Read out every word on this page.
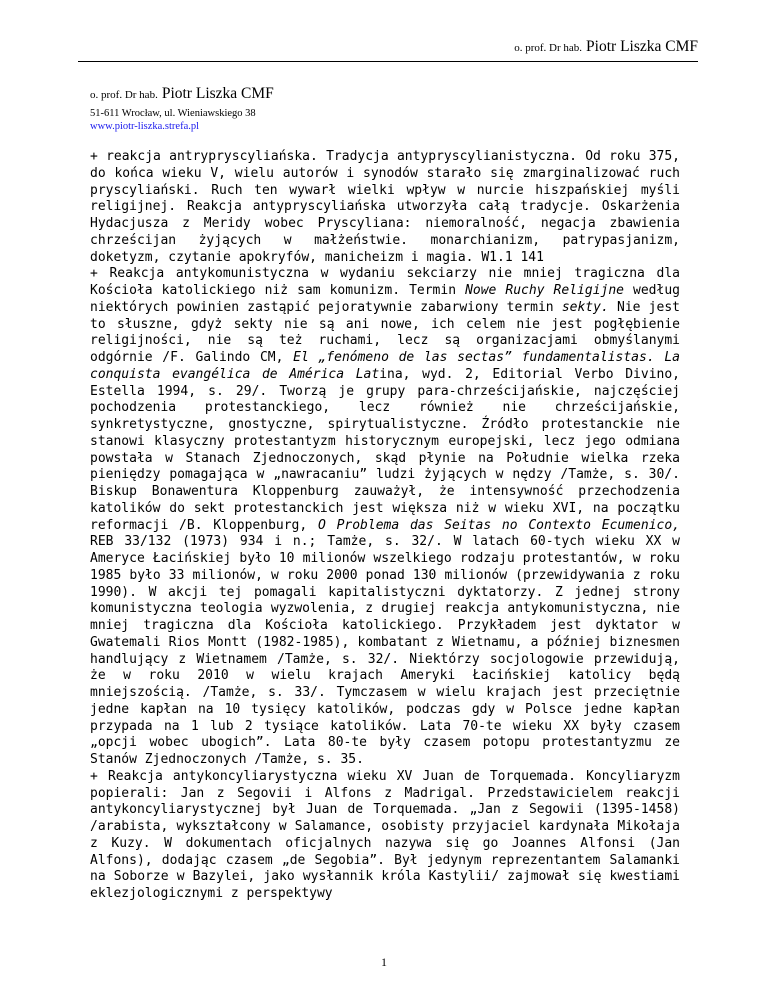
o. prof. Dr hab. Piotr Liszka CMF
o. prof. Dr hab. Piotr Liszka CMF
51-611 Wrocław, ul. Wieniawskiego 38
www.piotr-liszka.strefa.pl

+ reakcja antrypryscyliańska. Tradycja antypryscylianistyczna. Od roku 375, do końca wieku V, wielu autorów i synodów starało się zmarginalizować ruch pryscyliański. Ruch ten wywarł wielki wpływ w nurcie hiszpańskiej myśli religijnej. Reakcja antypryscyliańska utworzyła całą tradycje. Oskarżenia Hydacjusza z Meridy wobec Pryscyliana: niemoralność, negacja zbawienia chrześcijan żyjących w małżeństwie. monarchianizm, patrypasjanizm, doketyzm, czytanie apokryfów, manicheizm i magia. W1.1 141

+ Reakcja antykomunistyczna w wydaniu sekciarzy nie mniej tragiczna dla Kościoła katolickiego niż sam komunizm. Termin Nowe Ruchy Religijne według niektórych powinien zastąpić pejoratywnie zabarwiony termin sekty. Nie jest to słuszne, gdyż sekty nie są ani nowe, ich celem nie jest pogłębienie religijności, nie są też ruchami, lecz są organizacjami obmyślanymi odgórnie /F. Galindo CM, El „fenómeno de las sectas” fundamentalistas. La conquista evangélica de América Latina, wyd. 2, Editorial Verbo Divino, Estella 1994, s. 29/. Tworzą je grupy para-chrześcijańskie, najczęściej pochodzenia protestanckiego, lecz również nie chrześcijańskie, synkretystyczne, gnostyczne, spirytualistyczne. Źródło protestanckie nie stanowi klasyczny protestantyzm historycznym europejski, lecz jego odmiana powstała w Stanach Zjednoczonych, skąd płynie na Południe wielka rzeka pieniędzy pomagająca w „nawracaniu” ludzi żyjących w nędzy /Tamże, s. 30/. Biskup Bonawentura Kloppenburg zauważył, że intensywność przechodzenia katolików do sekt protestanckich jest większa niż w wieku XVI, na początku reformacji /B. Kloppenburg, O Problema das Seitas no Contexto Ecumenico, REB 33/132 (1973) 934 i n.; Tamże, s. 32/. W latach 60-tych wieku XX w Ameryce Łacińskiej było 10 milionów wszelkiego rodzaju protestantów, w roku 1985 było 33 milionów, w roku 2000 ponad 130 milionów (przewidywania z roku 1990). W akcji tej pomagali kapitalistyczni dyktatorzy. Z jednej strony komunistyczna teologia wyzwolenia, z drugiej reakcja antykomunistyczna, nie mniej tragiczna dla Kościoła katolickiego. Przykładem jest dyktator w Gwatemali Rios Montt (1982-1985), kombatant z Wietnamu, a później biznesmen handlujący z Wietnamem /Tamże, s. 32/. Niektórzy socjologowie przewidują, że w roku 2010 w wielu krajach Ameryki Łacińskiej katolicy będą mniejszością. /Tamże, s. 33/. Tymczasem w wielu krajach jest przeciętnie jedne kapłan na 10 tysięcy katolików, podczas gdy w Polsce jedne kapłan przypada na 1 lub 2 tysiące katolików. Lata 70-te wieku XX były czasem „opcji wobec ubogich”. Lata 80-te były czasem potopu protestantyzmu ze Stanów Zjednoczonych /Tamże, s. 35.

+ Reakcja antykoncyliarystyczna wieku XV Juan de Torquemada. Koncyliaryzm popierali: Jan z Segovii i Alfons z Madrigal. Przedstawicielem reakcji antykoncyliarystycznej był Juan de Torquemada. „Jan z Segowii (1395-1458) /arabista, wykształcony w Salamance, osobisty przyjaciel kardynała Mikołaja z Kuzy. W dokumentach oficjalnych nazywa się go Joannes Alfonsi (Jan Alfons), dodając czasem „de Segobia”. Był jedynym reprezentantem Salamanki na Soborze w Bazylei, jako wysłannik króla Kastylii/ zajmował się kwestiami eklezjologicznymi z perspektywy

1
